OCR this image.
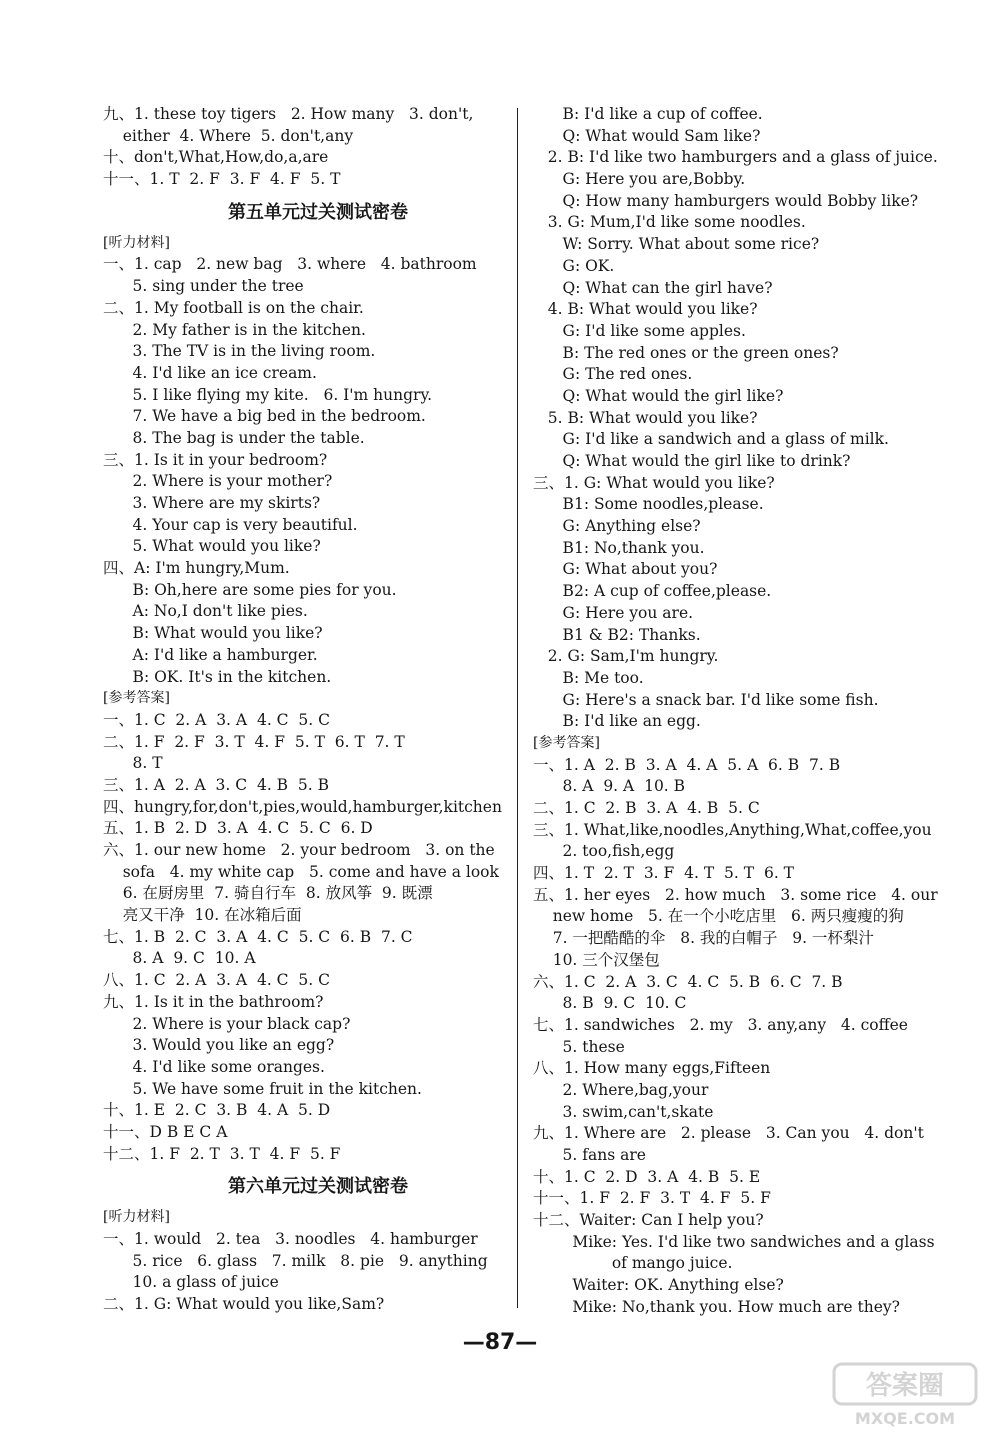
九、1. these toy tigers   2. How many   3. don't,
either  4. Where  5. don't,any
十、don't,What,How,do,a,are
十一、1. T  2. F  3. F  4. F  5. T
第五单元过关测试密卷
[听力材料]
一、1. cap   2. new bag   3. where   4. bathroom
5. sing under the tree
二、1. My football is on the chair.
2. My father is in the kitchen.
3. The TV is in the living room.
4. I'd like an ice cream.
5. I like flying my kite.   6. I'm hungry.
7. We have a big bed in the bedroom.
8. The bag is under the table.
三、1. Is it in your bedroom?
2. Where is your mother?
3. Where are my skirts?
4. Your cap is very beautiful.
5. What would you like?
四、A: I'm hungry,Mum.
B: Oh,here are some pies for you.
A: No,I don't like pies.
B: What would you like?
A: I'd like a hamburger.
B: OK. It's in the kitchen.
[参考答案]
一、1. C  2. A  3. A  4. C  5. C
二、1. F  2. F  3. T  4. F  5. T  6. T  7. T
8. T
三、1. A  2. A  3. C  4. B  5. B
四、hungry,for,don't,pies,would,hamburger,kitchen
五、1. B  2. D  3. A  4. C  5. C  6. D
六、1. our new home   2. your bedroom   3. on the
sofa   4. my white cap   5. come and have a look
6. 在厨房里  7. 骑自行车  8. 放风筝  9. 既漂
亮又干净  10. 在冰箱后面
七、1. B  2. C  3. A  4. C  5. C  6. B  7. C
8. A  9. C  10. A
八、1. C  2. A  3. A  4. C  5. C
九、1. Is it in the bathroom?
2. Where is your black cap?
3. Would you like an egg?
4. I'd like some oranges.
5. We have some fruit in the kitchen.
十、1. E  2. C  3. B  4. A  5. D
十一、D B E C A
十二、1. F  2. T  3. T  4. F  5. F
第六单元过关测试密卷
[听力材料]
一、1. would   2. tea   3. noodles   4. hamburger
5. rice   6. glass   7. milk   8. pie   9. anything
10. a glass of juice
二、1. G: What would you like,Sam?
B: I'd like a cup of coffee.
Q: What would Sam like?
2. B: I'd like two hamburgers and a glass of juice.
G: Here you are,Bobby.
Q: How many hamburgers would Bobby like?
3. G: Mum,I'd like some noodles.
W: Sorry. What about some rice?
G: OK.
Q: What can the girl have?
4. B: What would you like?
G: I'd like some apples.
B: The red ones or the green ones?
G: The red ones.
Q: What would the girl like?
5. B: What would you like?
G: I'd like a sandwich and a glass of milk.
Q: What would the girl like to drink?
三、1. G: What would you like?
B1: Some noodles,please.
G: Anything else?
B1: No,thank you.
G: What about you?
B2: A cup of coffee,please.
G: Here you are.
B1 & B2: Thanks.
2. G: Sam,I'm hungry.
B: Me too.
G: Here's a snack bar. I'd like some fish.
B: I'd like an egg.
[参考答案]
一、1. A  2. B  3. A  4. A  5. A  6. B  7. B
8. A  9. A  10. B
二、1. C  2. B  3. A  4. B  5. C
三、1. What,like,noodles,Anything,What,coffee,you
2. too,fish,egg
四、1. T  2. T  3. F  4. T  5. T  6. T
五、1. her eyes   2. how much   3. some rice   4. our
new home   5. 在一个小吃店里   6. 两只瘦瘦的狗
7. 一把酷酷的伞   8. 我的白帽子   9. 一杯梨汁
10. 三个汉堡包
六、1. C  2. A  3. C  4. C  5. B  6. C  7. B
8. B  9. C  10. C
七、1. sandwiches   2. my   3. any,any   4. coffee
5. these
八、1. How many eggs,Fifteen
2. Where,bag,your
3. swim,can't,skate
九、1. Where are   2. please   3. Can you   4. don't
5. fans are
十、1. C  2. D  3. A  4. B  5. E
十一、1. F  2. F  3. T  4. F  5. F
十二、Waiter: Can I help you?
Mike: Yes. I'd like two sandwiches and a glass
of mango juice.
Waiter: OK. Anything else?
Mike: No,thank you. How much are they?
—87—
答案圈
MXQE.COM
